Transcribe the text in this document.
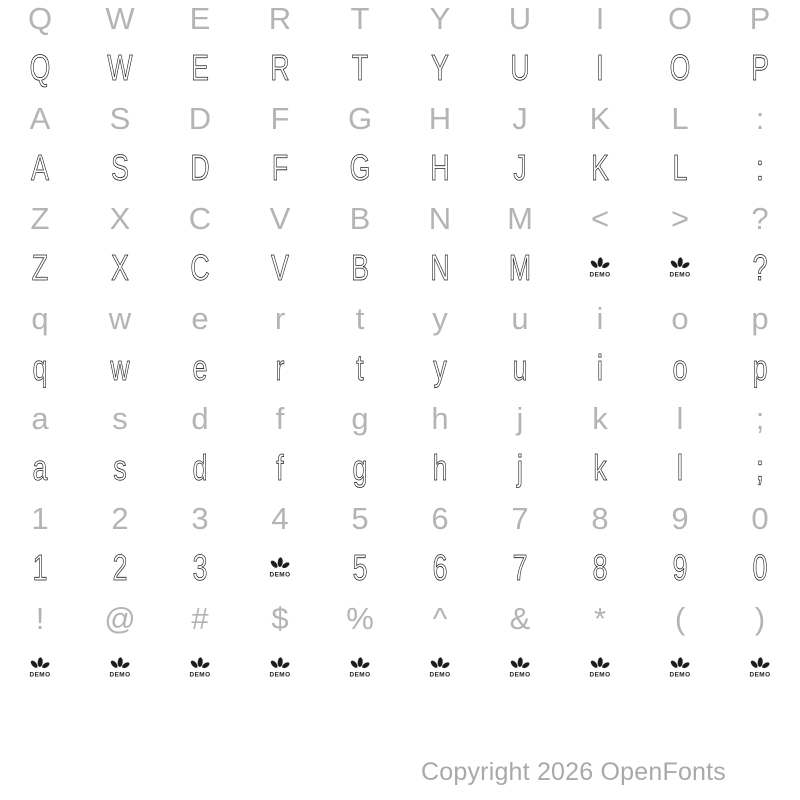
Q	W	E	R	T	Y	U	I	O	P
Q W E R T Y U I O P
A	S	D	F	G	H	J	K	L	:
A S D F G H J K L :
Z	X	C	V	B	N	M	<	>	?
Z X C V B N M	DEMO	DEMO ?
q	w	e	r	t	y	u	i	o	p
q w e r t y u i o p
a	s	d	f	g	h	j	k	l	;
a s d f g h j k l ;
1	2	3	4	5	6	7	8	9	0
1 2 3	DEMO 5 6 7 8 9 0
!	@	#	$	%	^	&	*	(	)
DEMO	DEMO	DEMO	DEMO	DEMO	DEMO	DEMO	DEMO	DEMO	DEMO
Copyright 2026 OpenFonts
